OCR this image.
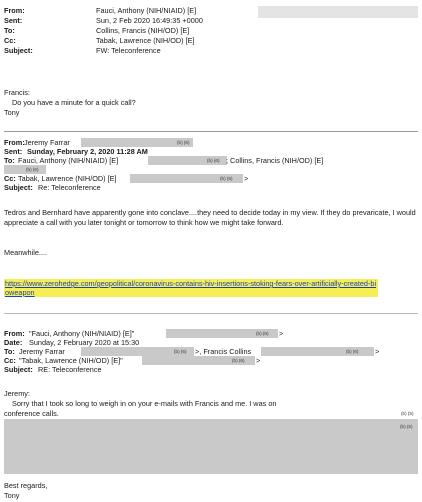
From:	Fauci, Anthony (NIH/NIAID) [E]
Sent:	Sun, 2 Feb 2020 16:49:35 +0000
To:	Collins, Francis (NIH/OD) [E]
Cc:	Tabak, Lawrence (NIH/OD) [E]
Subject:	FW: Teleconference
Francis:
Do you have a minute for a quick call?
Tony
From: Jeremy Farrar	(b) (6)
Sent: Sunday, February 2, 2020 11:28 AM
To: Fauci, Anthony (NIH/NIAID) [E]	(b) (6) ; Collins, Francis (NIH/OD) [E]
(b) (6)
Cc: Tabak, Lawrence (NIH/OD) [E]	(b) (6) >
Subject: Re: Teleconference
Tedros and Bernhard have apparently gone into conclave....they need to decide today in my view. If they do prevaricate, I would appreciate a call with you later tonight or tomorrow to think how we might take forward.
Meanwhile....
https://www.zerohedge.com/geopolitical/coronavirus-contains-hiv-insertions-stoking-fears-over-artificially-created-bioweapon
From: "Fauci, Anthony (NIH/NIAID) [E]"	(b) (6) >
Date: Sunday, 2 February 2020 at 15:30
To: Jeremy Farrar	(b) (6) >, Francis Collins	(b) (6) >
Cc: "Tabak, Lawrence (NIH/OD) [E]"	(b) (6) >
Subject: RE: Teleconference
Jeremy:
Sorry that I took so long to weigh in on your e-mails with Francis and me. I was on
conference calls.	(b) (5)
(b) (5)
Best regards,
Tony
